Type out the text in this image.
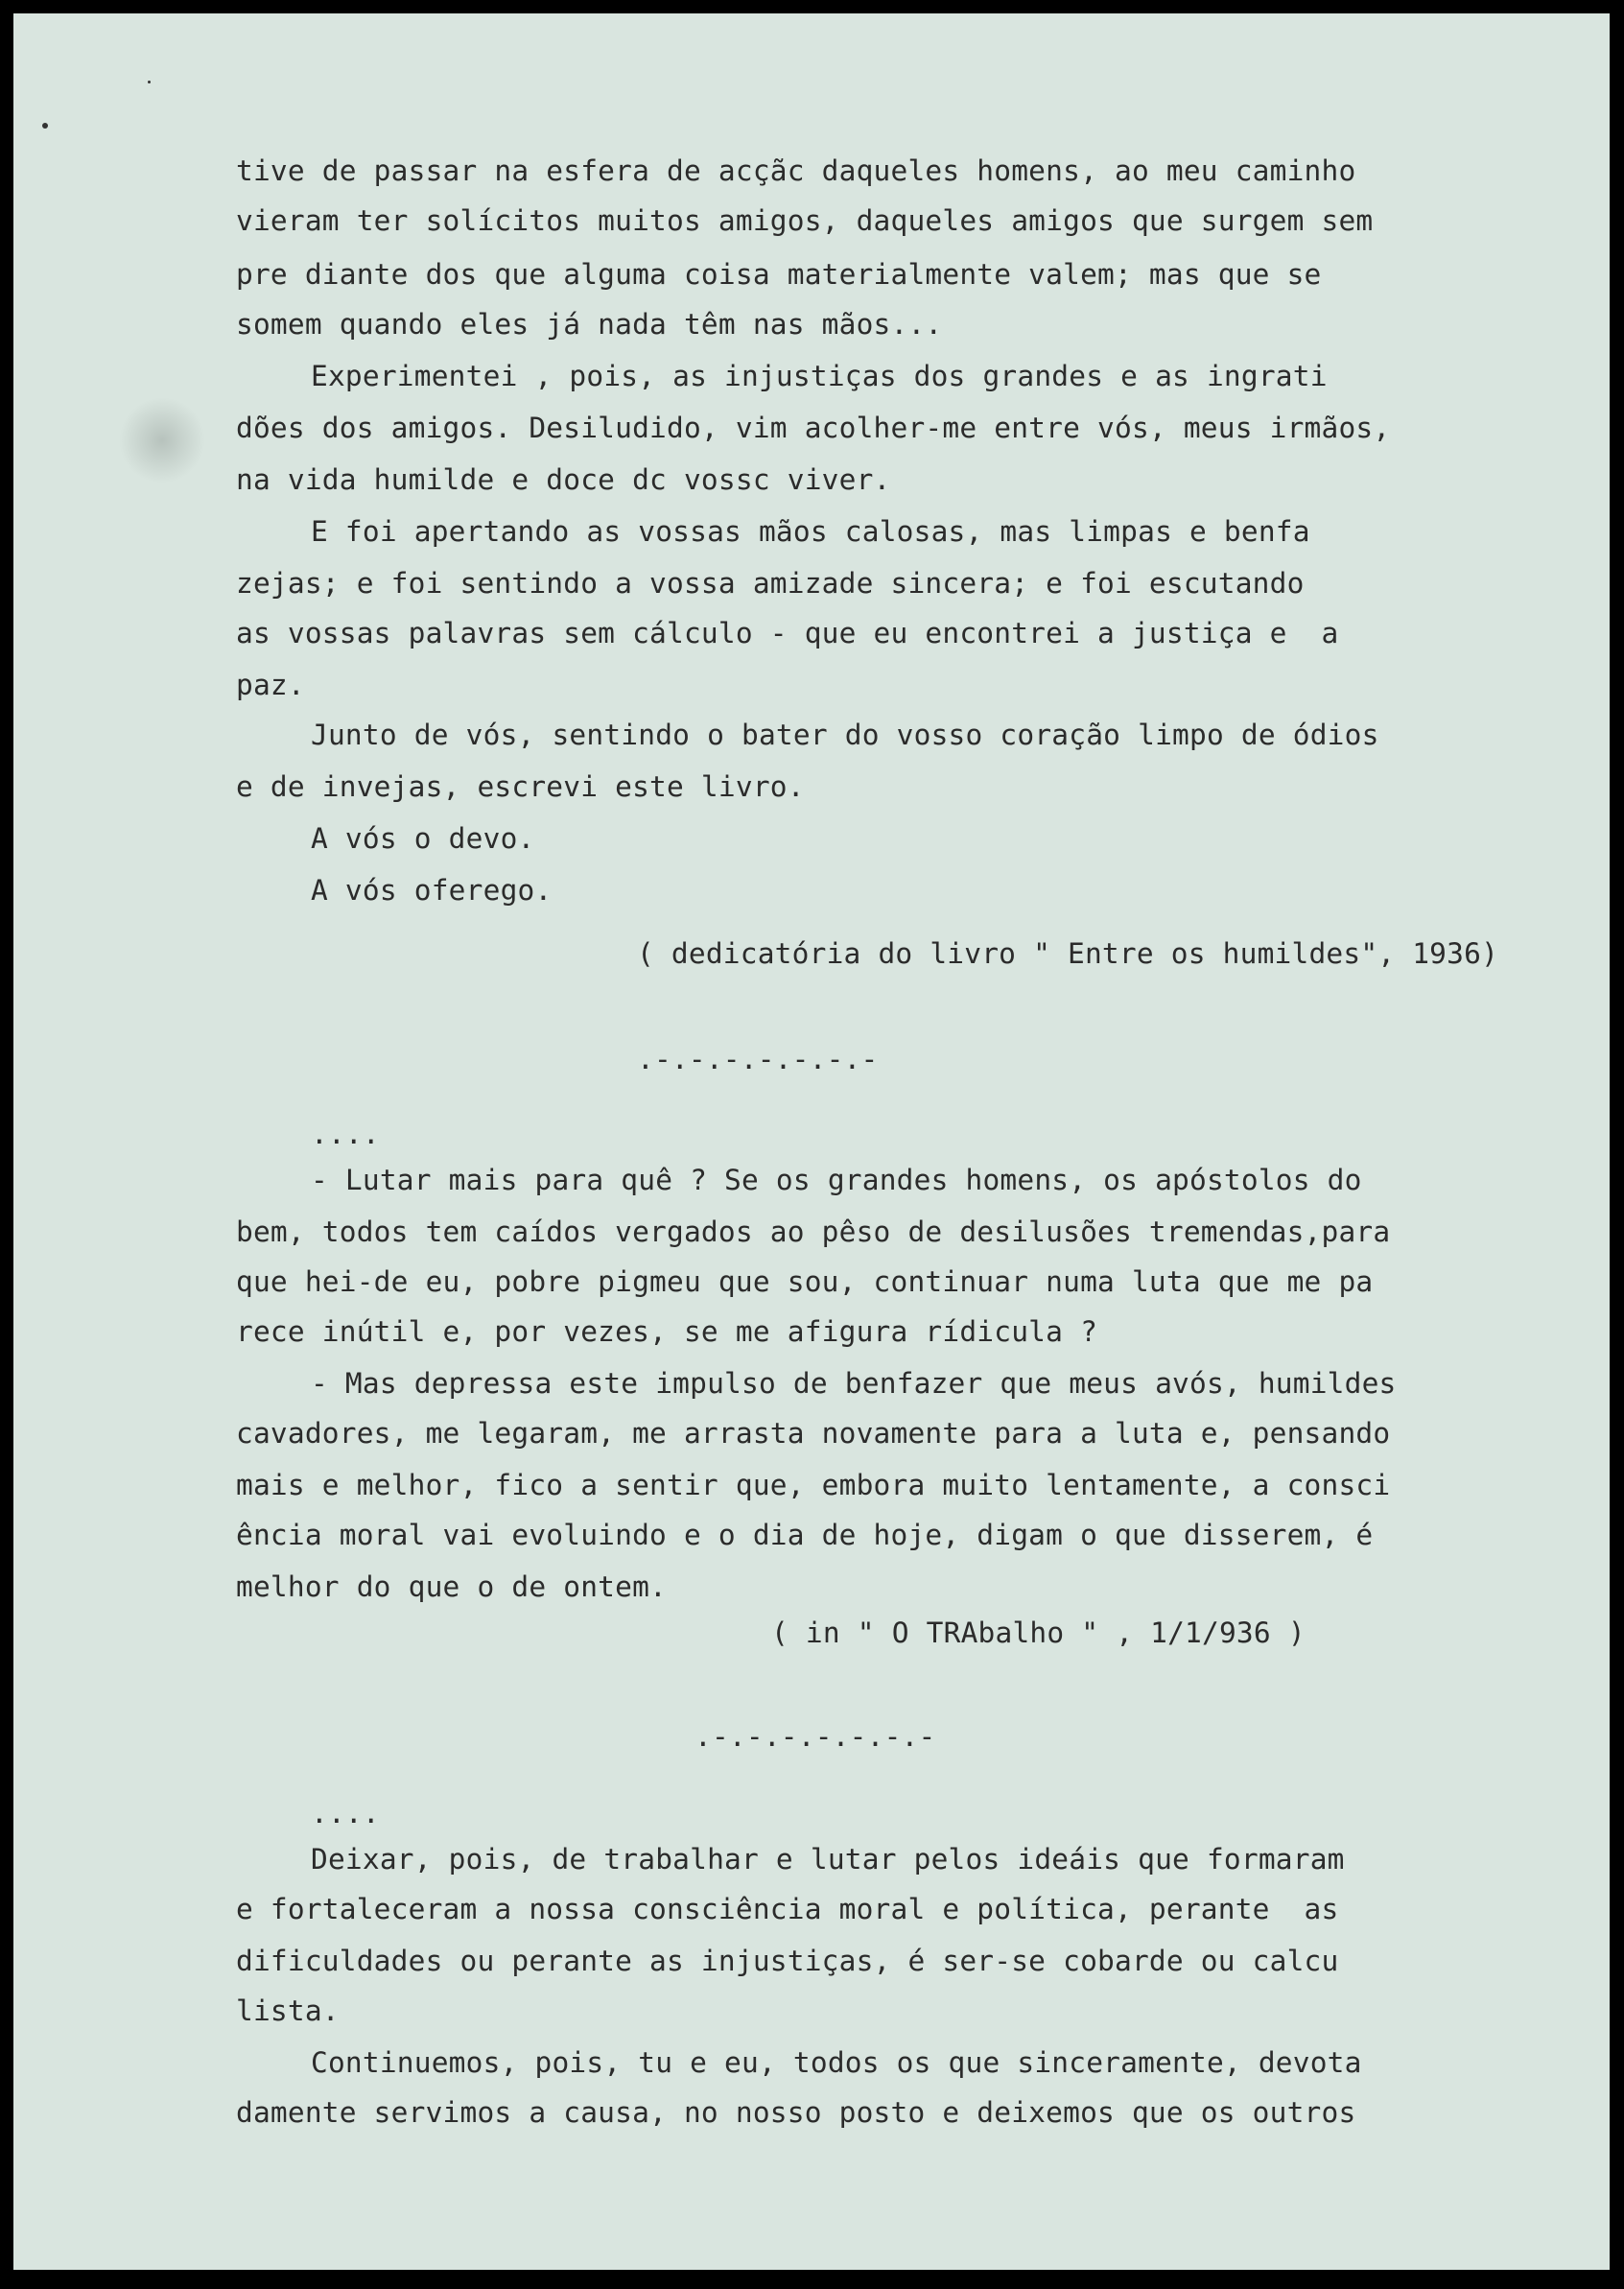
tive de passar na esfera de acçãc daqueles homens, ao meu caminho
vieram ter solícitos muitos amigos, daqueles amigos que surgem sem
pre diante dos que alguma coisa materialmente valem; mas que se
somem quando eles já nada têm nas mãos...
Experimentei , pois, as injustiças dos grandes e as ingrati
dões dos amigos. Desiludido, vim acolher-me entre vós, meus irmãos,
na vida humilde e doce dc vossc viver.
E foi apertando as vossas mãos calosas, mas limpas e benfa
zejas; e foi sentindo a vossa amizade sincera; e foi escutando
as vossas palavras sem cálculo - que eu encontrei a justiça e  a
paz.
Junto de vós, sentindo o bater do vosso coração limpo de ódios
e de invejas, escrevi este livro.
A vós o devo.
A vós oferego.
( dedicatória do livro " Entre os humildes", 1936)
.-.-.-.-.-.-.-
....
- Lutar mais para quê ? Se os grandes homens, os apóstolos do
bem, todos tem caídos vergados ao pêso de desilusões tremendas,para
que hei-de eu, pobre pigmeu que sou, continuar numa luta que me pa
rece inútil e, por vezes, se me afigura rídicula ?
- Mas depressa este impulso de benfazer que meus avós, humildes
cavadores, me legaram, me arrasta novamente para a luta e, pensando
mais e melhor, fico a sentir que, embora muito lentamente, a consci
ência moral vai evoluindo e o dia de hoje, digam o que disserem, é
melhor do que o de ontem.
( in " O TRAbalho " , 1/1/936 )
.-.-.-.-.-.-.-
....
Deixar, pois, de trabalhar e lutar pelos ideáis que formaram
e fortaleceram a nossa consciência moral e política, perante  as
dificuldades ou perante as injustiças, é ser-se cobarde ou calcu
lista.
Continuemos, pois, tu e eu, todos os que sinceramente, devota
damente servimos a causa, no nosso posto e deixemos que os outros
